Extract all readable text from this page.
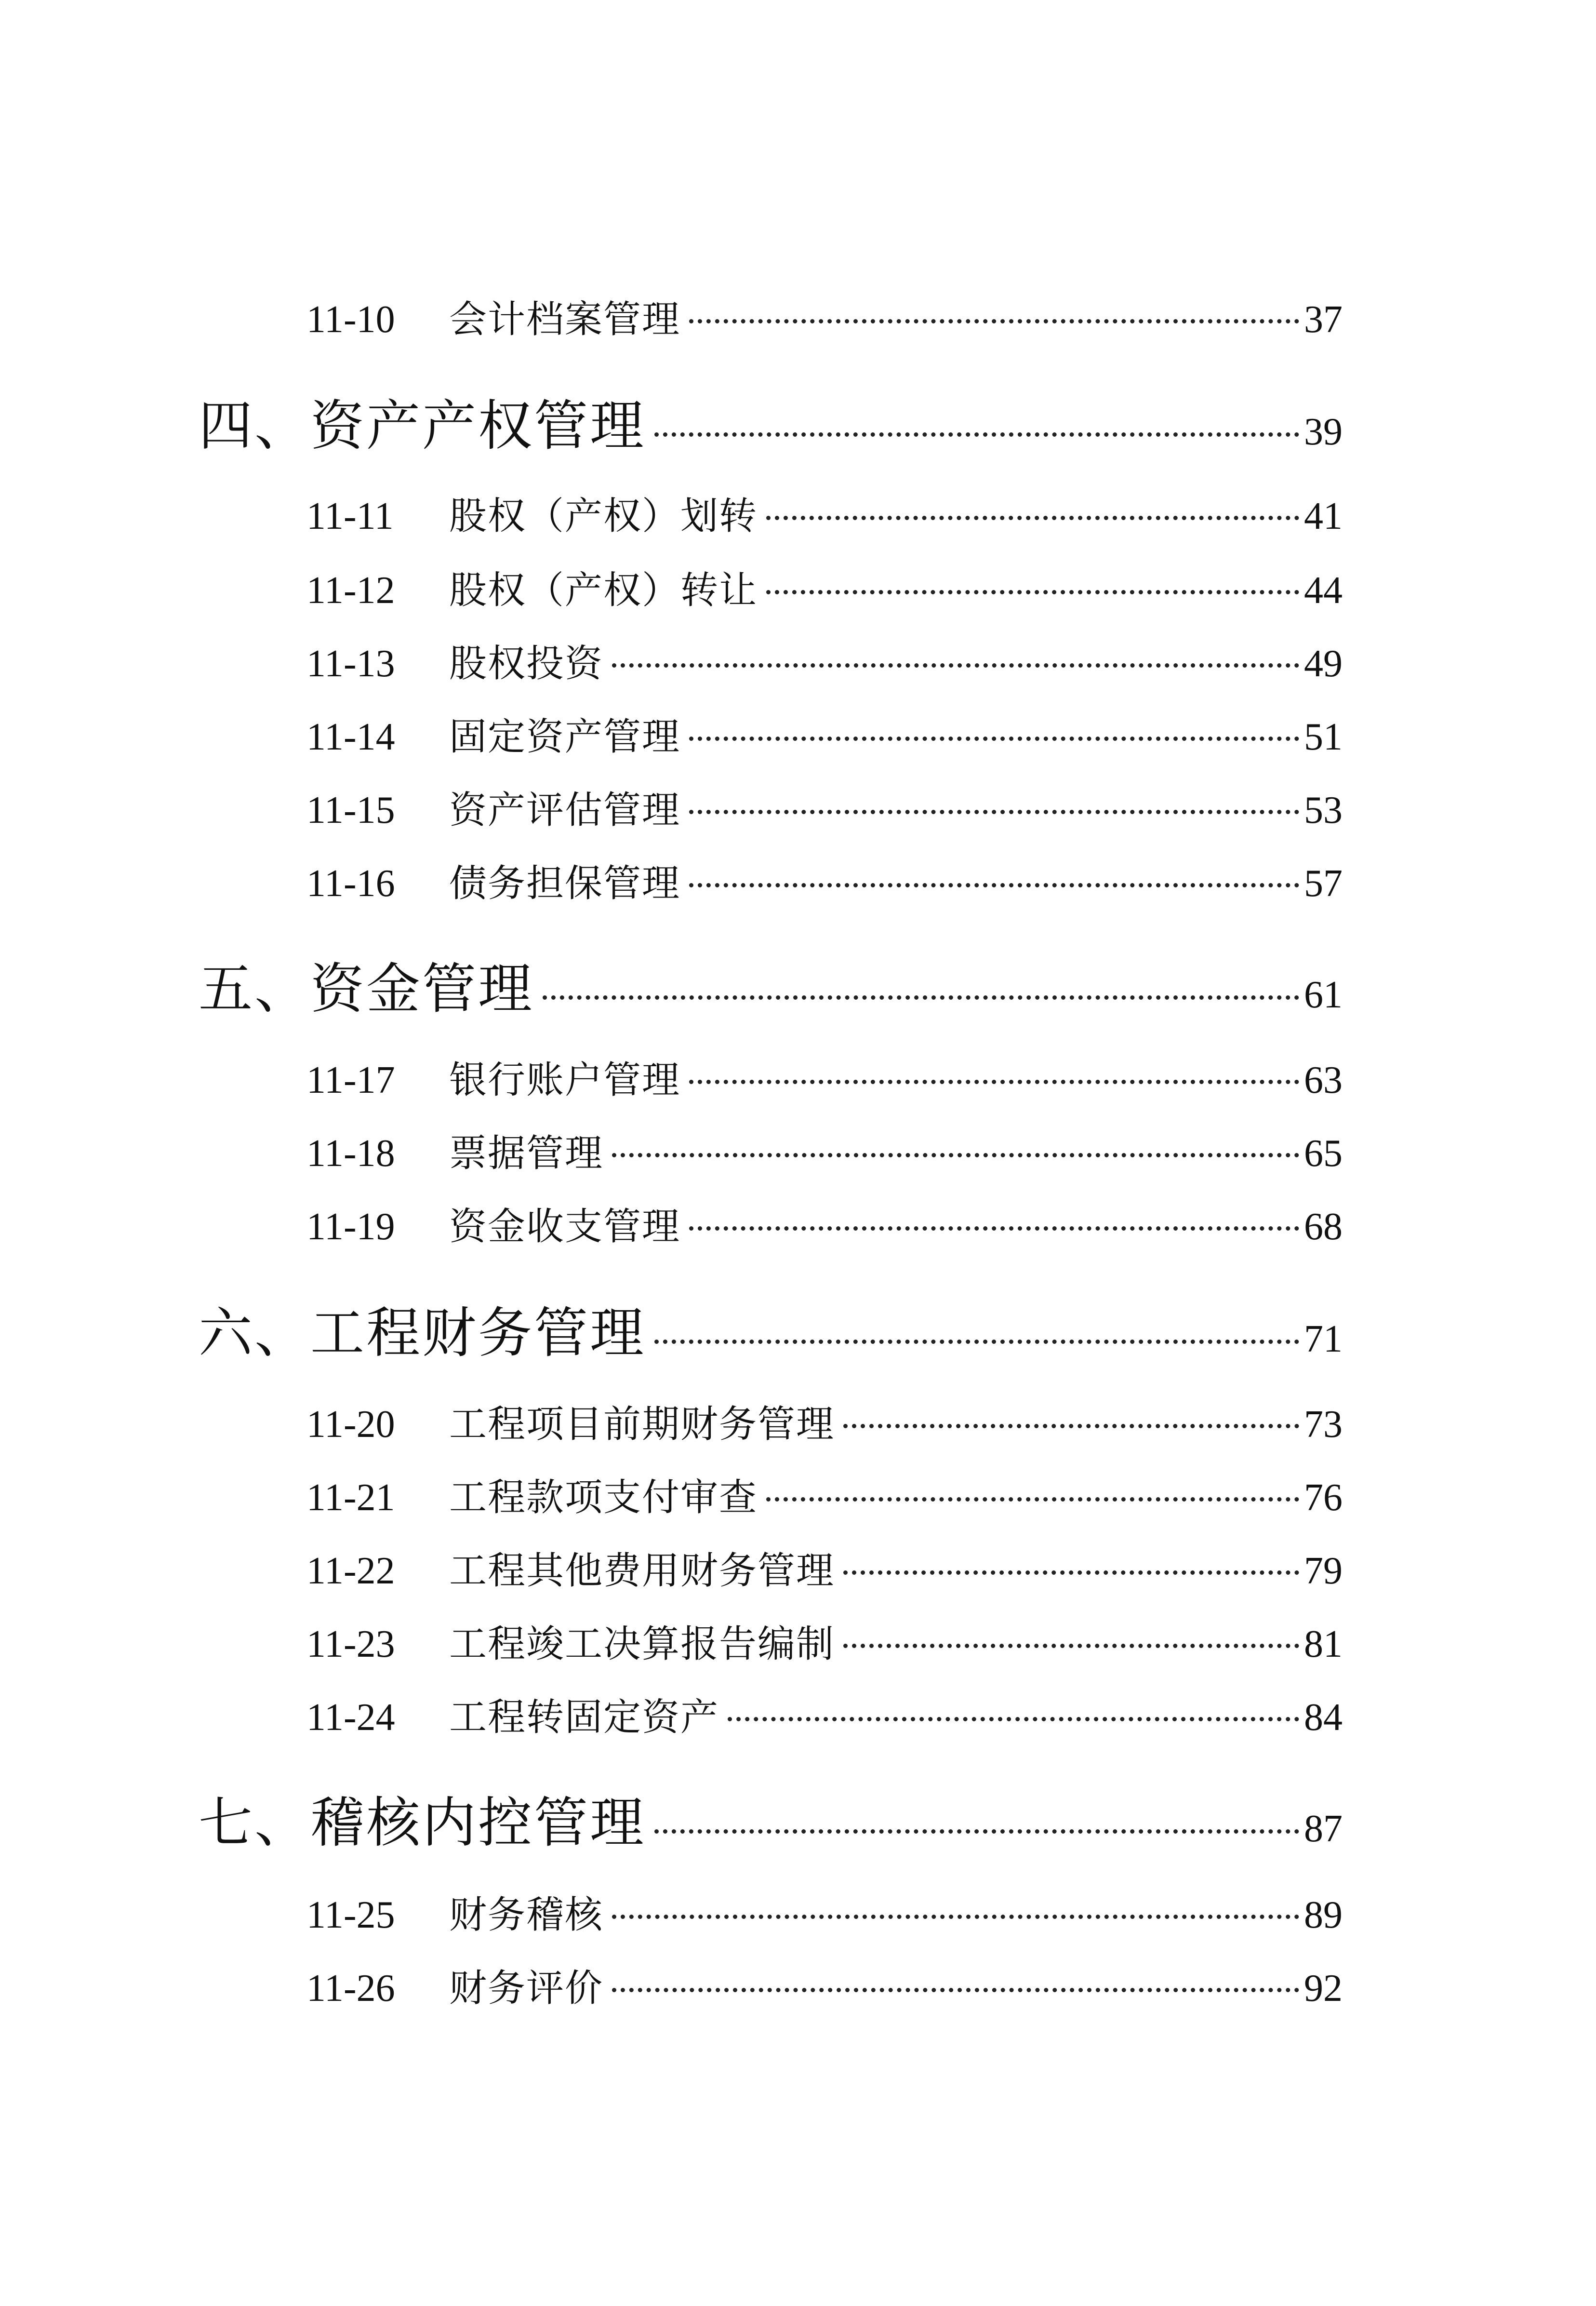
11-10	会计档案管理	37
四、资产产权管理	39
11-11	股权（产权）划转	41
11-12	股权（产权）转让	44
11-13	股权投资	49
11-14	固定资产管理	51
11-15	资产评估管理	53
11-16	债务担保管理	57
五、资金管理	61
11-17	银行账户管理	63
11-18	票据管理	65
11-19	资金收支管理	68
六、工程财务管理	71
11-20	工程项目前期财务管理	73
11-21	工程款项支付审查	76
11-22	工程其他费用财务管理	79
11-23	工程竣工决算报告编制	81
11-24	工程转固定资产	84
七、稽核内控管理	87
11-25	财务稽核	89
11-26	财务评价	92
